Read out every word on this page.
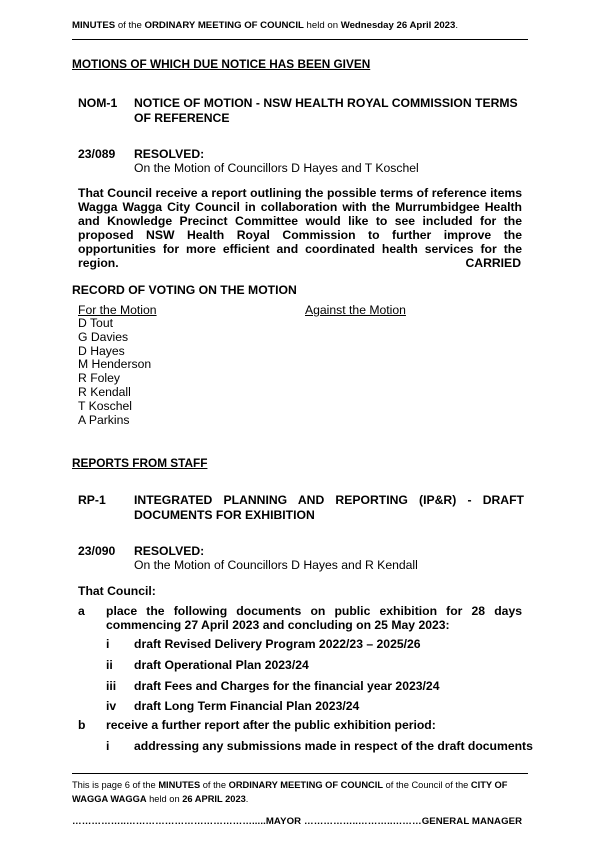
MINUTES of the ORDINARY MEETING OF COUNCIL held on Wednesday 26 April 2023.
MOTIONS OF WHICH DUE NOTICE HAS BEEN GIVEN
NOM-1 NOTICE OF MOTION - NSW HEALTH ROYAL COMMISSION TERMS OF REFERENCE
23/089 RESOLVED:
On the Motion of Councillors D Hayes and T Koschel
That Council receive a report outlining the possible terms of reference items Wagga Wagga City Council in collaboration with the Murrumbidgee Health and Knowledge Precinct Committee would like to see included for the proposed NSW Health Royal Commission to further improve the opportunities for more efficient and coordinated health services for the region.	CARRIED
RECORD OF VOTING ON THE MOTION
For the Motion	Against the Motion
D Tout
G Davies
D Hayes
M Henderson
R Foley
R Kendall
T Koschel
A Parkins
REPORTS FROM STAFF
RP-1 INTEGRATED PLANNING AND REPORTING (IP&R) - DRAFT DOCUMENTS FOR EXHIBITION
23/090 RESOLVED:
On the Motion of Councillors D Hayes and R Kendall
That Council:
a place the following documents on public exhibition for 28 days commencing 27 April 2023 and concluding on 25 May 2023:
i draft Revised Delivery Program 2022/23 – 2025/26
ii draft Operational Plan 2023/24
iii draft Fees and Charges for the financial year 2023/24
iv draft Long Term Financial Plan 2023/24
b receive a further report after the public exhibition period:
i addressing any submissions made in respect of the draft documents
This is page 6 of the MINUTES of the ORDINARY MEETING OF COUNCIL of the Council of the CITY OF WAGGA WAGGA held on 26 APRIL 2023.
……………..………………………………….....MAYOR ……………..………..………GENERAL MANAGER
